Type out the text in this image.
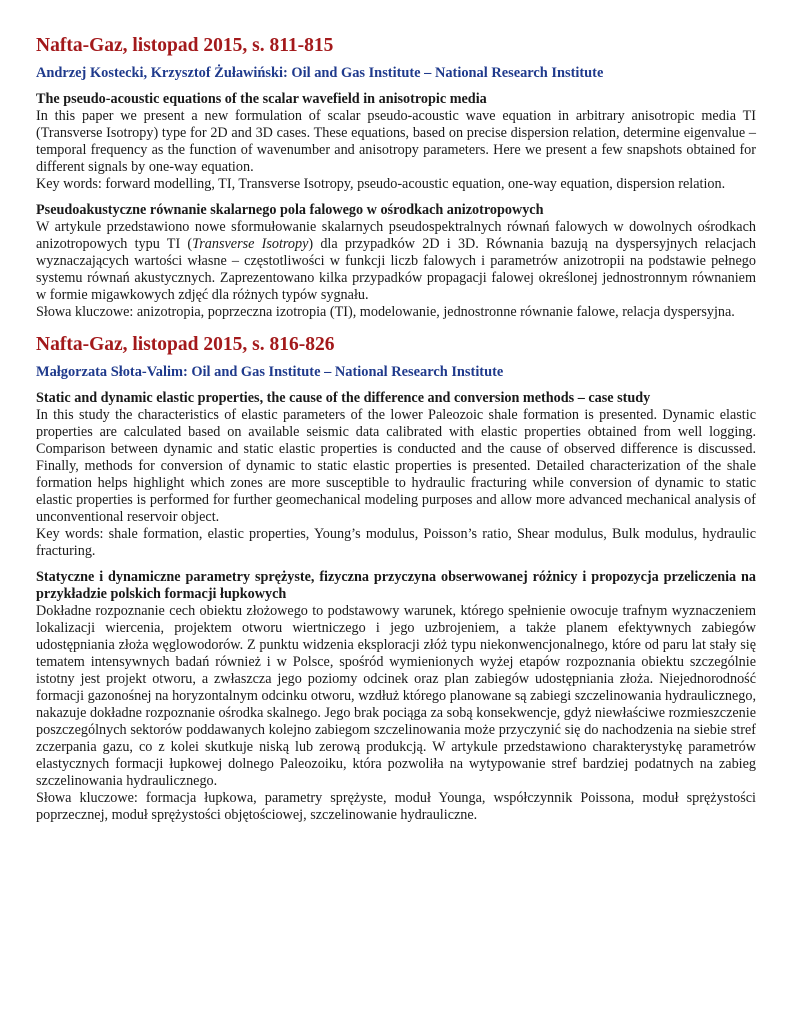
Nafta-Gaz, listopad 2015, s. 811-815
Andrzej Kostecki, Krzysztof Żuławiński: Oil and Gas Institute – National Research Institute
The pseudo-acoustic equations of the scalar wavefield in anisotropic media

In this paper we present a new formulation of scalar pseudo-acoustic wave equation in arbitrary anisotropic media TI (Transverse Isotropy) type for 2D and 3D cases. These equations, based on precise dispersion relation, determine eigenvalue – temporal frequency as the function of wavenumber and anisotropy parameters. Here we present a few snapshots obtained for different signals by one-way equation.

Key words: forward modelling, TI, Transverse Isotropy, pseudo-acoustic equation, one-way equation, dispersion relation.

Pseudoakustyczne równanie skalarnego pola falowego w ośrodkach anizotropowych

W artykule przedstawiono nowe sformułowanie skalarnych pseudospektralnych równań falowych w dowolnych ośrodkach anizotropowych typu TI (Transverse Isotropy) dla przypadków 2D i 3D. Równania bazują na dyspersyjnych relacjach wyznaczających wartości własne – częstotliwości w funkcji liczb falowych i parametrów anizotropii na podstawie pełnego systemu równań akustycznych. Zaprezentowano kilka przypadków propagacji falowej określonej jednostronnym równaniem w formie migawkowych zdjęć dla różnych typów sygnału.

Słowa kluczowe: anizotropia, poprzeczna izotropia (TI), modelowanie, jednostronne równanie falowe, relacja dyspersyjna.

Nafta-Gaz, listopad 2015, s. 816-826
Małgorzata Słota-Valim: Oil and Gas Institute – National Research Institute
Static and dynamic elastic properties, the cause of the difference and conversion methods – case study

In this study the characteristics of elastic parameters of the lower Paleozoic shale formation is presented. Dynamic elastic properties are calculated based on available seismic data calibrated with elastic properties obtained from well logging. Comparison between dynamic and static elastic properties is conducted and the cause of observed difference is discussed. Finally, methods for conversion of dynamic to static elastic properties is presented. Detailed characterization of the shale formation helps highlight which zones are more susceptible to hydraulic fracturing while conversion of dynamic to static elastic properties is performed for further geomechanical modeling purposes and allow more advanced mechanical analysis of unconventional reservoir object.

Key words: shale formation, elastic properties, Young’s modulus, Poisson’s ratio, Shear modulus, Bulk modulus, hydraulic fracturing.

Statyczne i dynamiczne parametry sprężyste, fizyczna przyczyna obserwowanej różnicy i propozycja przeliczenia na przykładzie polskich formacji łupkowych

Dokładne rozpoznanie cech obiektu złożowego to podstawowy warunek, którego spełnienie owocuje trafnym wyznaczeniem lokalizacji wiercenia, projektem otworu wiertniczego i jego uzbrojeniem, a także planem efektywnych zabiegów udostępniania złoża węglowodorów. Z punktu widzenia eksploracji złóż typu niekonwencjonalnego, które od paru lat stały się tematem intensywnych badań również i w Polsce, spośród wymienionych wyżej etapów rozpoznania obiektu szczególnie istotny jest projekt otworu, a zwłaszcza jego poziomy odcinek oraz plan zabiegów udostępniania złoża. Niejednorodność formacji gazonośnej na horyzontalnym odcinku otworu, wzdłuż którego planowane są zabiegi szczelinowania hydraulicznego, nakazuje dokładne rozpoznanie ośrodka skalnego. Jego brak pociąga za sobą konsekwencje, gdyż niewłaściwe rozmieszczenie poszczególnych sektorów poddawanych kolejno zabiegom szczelinowania może przyczynić się do nachodzenia na siebie stref zczerpania gazu, co z kolei skutkuje niską lub zerową produkcją. W artykule przedstawiono charakterystykę parametrów elastycznych formacji łupkowej dolnego Paleozoiku, która pozwoliła na wytypowanie stref bardziej podatnych na zabieg szczelinowania hydraulicznego.

Słowa kluczowe: formacja łupkowa, parametry sprężyste, moduł Younga, współczynnik Poissona, moduł sprężystości poprzecznej, moduł sprężystości objętościowej, szczelinowanie hydrauliczne.
